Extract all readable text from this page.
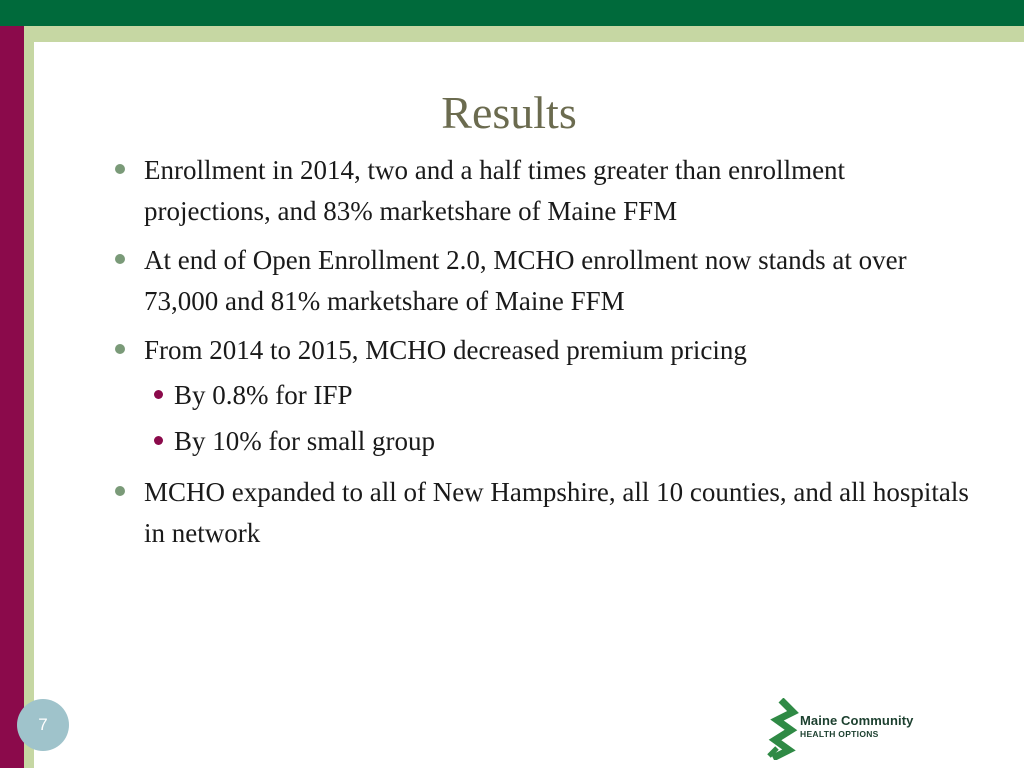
Results
Enrollment in 2014, two and a half times greater than enrollment projections, and 83% marketshare of Maine FFM
At end of Open Enrollment 2.0, MCHO enrollment now stands at over 73,000 and 81% marketshare of Maine FFM
From 2014 to 2015, MCHO decreased premium pricing
By 0.8% for IFP
By 10% for small group
MCHO expanded to all of New Hampshire, all 10 counties, and all hospitals in network
7	Maine Community
HEALTH OPTIONS
